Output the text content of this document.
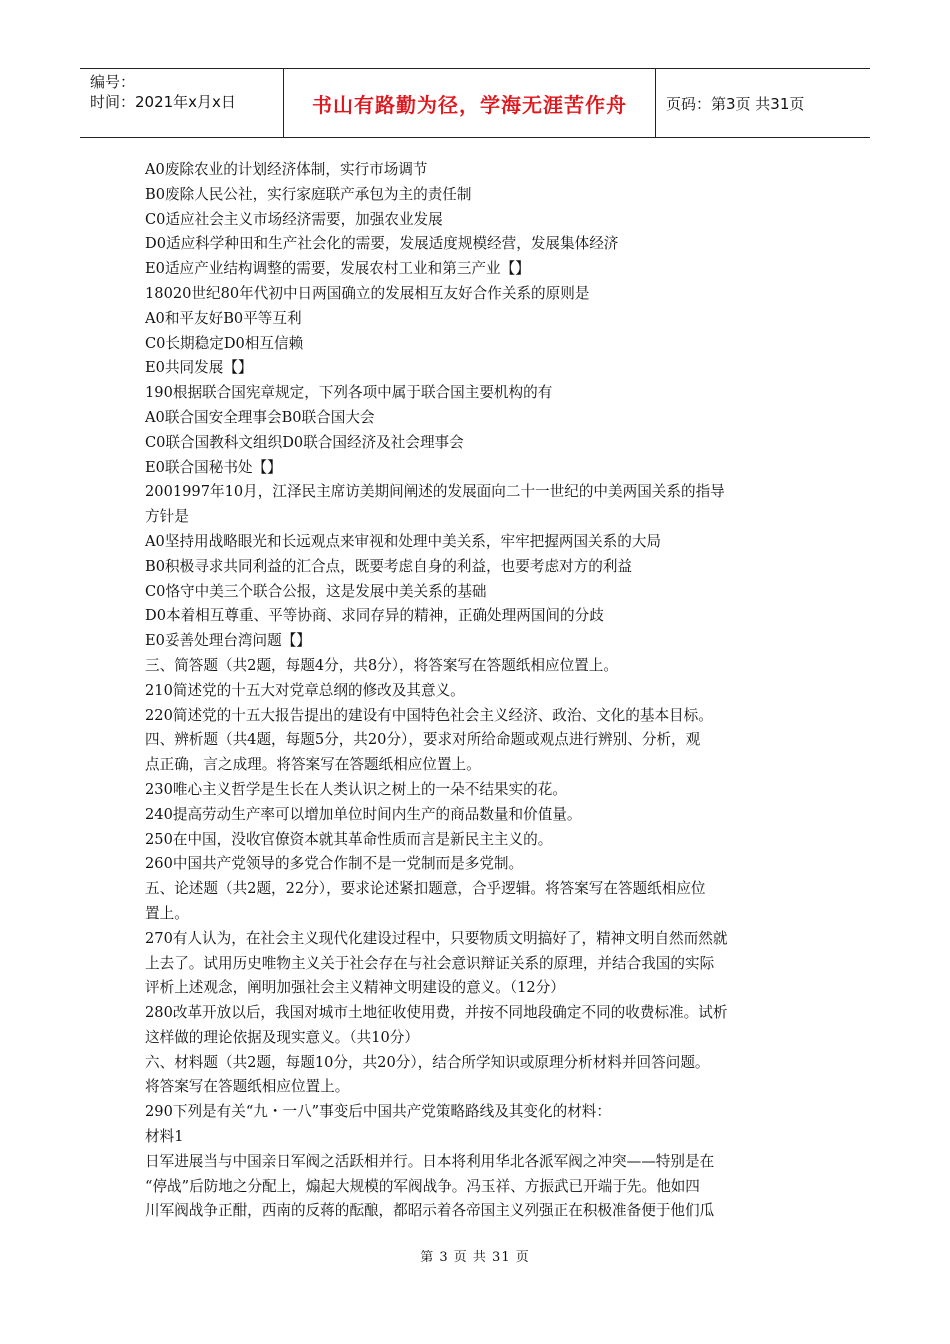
编号：
时间：2021年x月x日	书山有路勤为径，学海无涯苦作舟	页码：第3页 共31页

A0废除农业的计划经济体制，实行市场调节

B0废除人民公社，实行家庭联产承包为主的责任制

C0适应社会主义市场经济需要，加强农业发展

D0适应科学种田和生产社会化的需要，发展适度规模经营，发展集体经济

E0适应产业结构调整的需要，发展农村工业和第三产业【】

18020世纪80年代初中日两国确立的发展相互友好合作关系的原则是

A0和平友好B0平等互利

C0长期稳定D0相互信赖

E0共同发展【】

190根据联合国宪章规定，下列各项中属于联合国主要机构的有

A0联合国安全理事会B0联合国大会

C0联合国教科文组织D0联合国经济及社会理事会

E0联合国秘书处【】

2001997年10月，江泽民主席访美期间阐述的发展面向二十一世纪的中美两国关系的指导

方针是

A0坚持用战略眼光和长远观点来审视和处理中美关系，牢牢把握两国关系的大局

B0积极寻求共同利益的汇合点，既要考虑自身的利益，也要考虑对方的利益

C0恪守中美三个联合公报，这是发展中美关系的基础

D0本着相互尊重、平等协商、求同存异的精神，正确处理两国间的分歧

E0妥善处理台湾问题【】

三、简答题（共2题，每题4分，共8分），将答案写在答题纸相应位置上。

210简述党的十五大对党章总纲的修改及其意义。

220简述党的十五大报告提出的建设有中国特色社会主义经济、政治、文化的基本目标。

四、辨析题（共4题，每题5分，共20分），要求对所给命题或观点进行辨别、分析，观

点正确，言之成理。将答案写在答题纸相应位置上。

230唯心主义哲学是生长在人类认识之树上的一朵不结果实的花。

240提高劳动生产率可以增加单位时间内生产的商品数量和价值量。

250在中国，没收官僚资本就其革命性质而言是新民主主义的。

260中国共产党领导的多党合作制不是一党制而是多党制。

五、论述题（共2题，22分），要求论述紧扣题意，合乎逻辑。将答案写在答题纸相应位

置上。

270有人认为，在社会主义现代化建设过程中，只要物质文明搞好了，精神文明自然而然就

上去了。试用历史唯物主义关于社会存在与社会意识辩证关系的原理，并结合我国的实际

评析上述观念，阐明加强社会主义精神文明建设的意义。（12分）

280改革开放以后，我国对城市土地征收使用费，并按不同地段确定不同的收费标准。试析

这样做的理论依据及现实意义。（共10分）

六、材料题（共2题，每题10分，共20分），结合所学知识或原理分析材料并回答问题。

将答案写在答题纸相应位置上。

290下列是有关“九・一八”事变后中国共产党策略路线及其变化的材料：

材料1

日军进展当与中国亲日军阀之活跃相并行。日本将利用华北各派军阀之冲突——特别是在

“停战”后防地之分配上，煽起大规模的军阀战争。冯玉祥、方振武已开端于先。他如四

川军阀战争正酣，西南的反蒋的酝酿，都昭示着各帝国主义列强正在积极准备便于他们瓜

第 3 页 共 31 页
